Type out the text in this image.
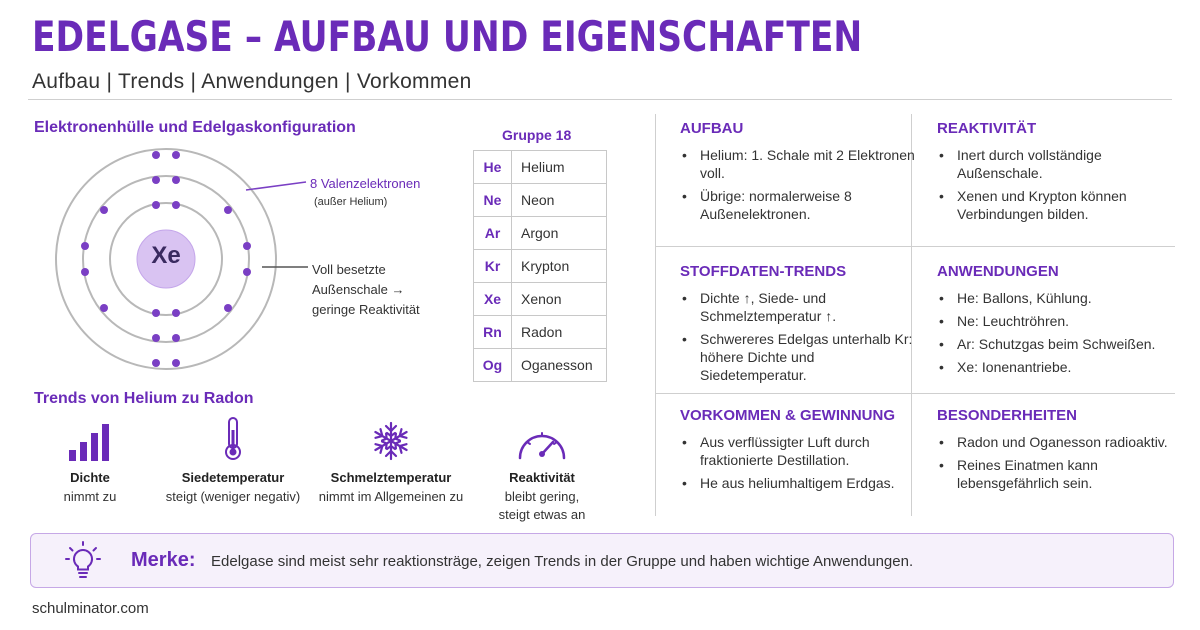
EDELGASE – AUFBAU UND EIGENSCHAFTEN
Aufbau | Trends | Anwendungen | Vorkommen
Elektronenhülle und Edelgaskonfiguration
Xe
8 Valenzelektronen
(außer Helium)
Voll besetzte
Außenschale →
geringe Reaktivität
Gruppe 18
He	Helium
Ne	Neon
Ar	Argon
Kr	Krypton
Xe	Xenon
Rn	Radon
Og	Oganesson
Trends von Helium zu Radon
Dichte
nimmt zu
Siedetemperatur
steigt (weniger negativ)
Schmelztemperatur
nimmt im Allgemeinen zu
Reaktivität
bleibt gering,
steigt etwas an
AUFBAU
• Helium: 1. Schale mit 2 Elektronen voll.
• Übrige: normalerweise 8 Außenelektronen.
REAKTIVITÄT
• Inert durch vollständige Außenschale.
• Xenen und Krypton können Verbindungen bilden.
STOFFDATEN-TRENDS
• Dichte ↑, Siede- und Schmelztemperatur ↑.
• Schwereres Edelgas unterhalb Kr: höhere Dichte und Siedetemperatur.
ANWENDUNGEN
• He: Ballons, Kühlung.
• Ne: Leuchtröhren.
• Ar: Schutzgas beim Schweißen.
• Xe: Ionenantriebe.
VORKOMMEN & GEWINNUNG
• Aus verflüssigter Luft durch fraktionierte Destillation.
• He aus heliumhaltigem Erdgas.
BESONDERHEITEN
• Radon und Oganesson radioaktiv.
• Reines Einatmen kann lebensgefährlich sein.
Merke: Edelgase sind meist sehr reaktionsträge, zeigen Trends in der Gruppe und haben wichtige Anwendungen.
schulminator.com
